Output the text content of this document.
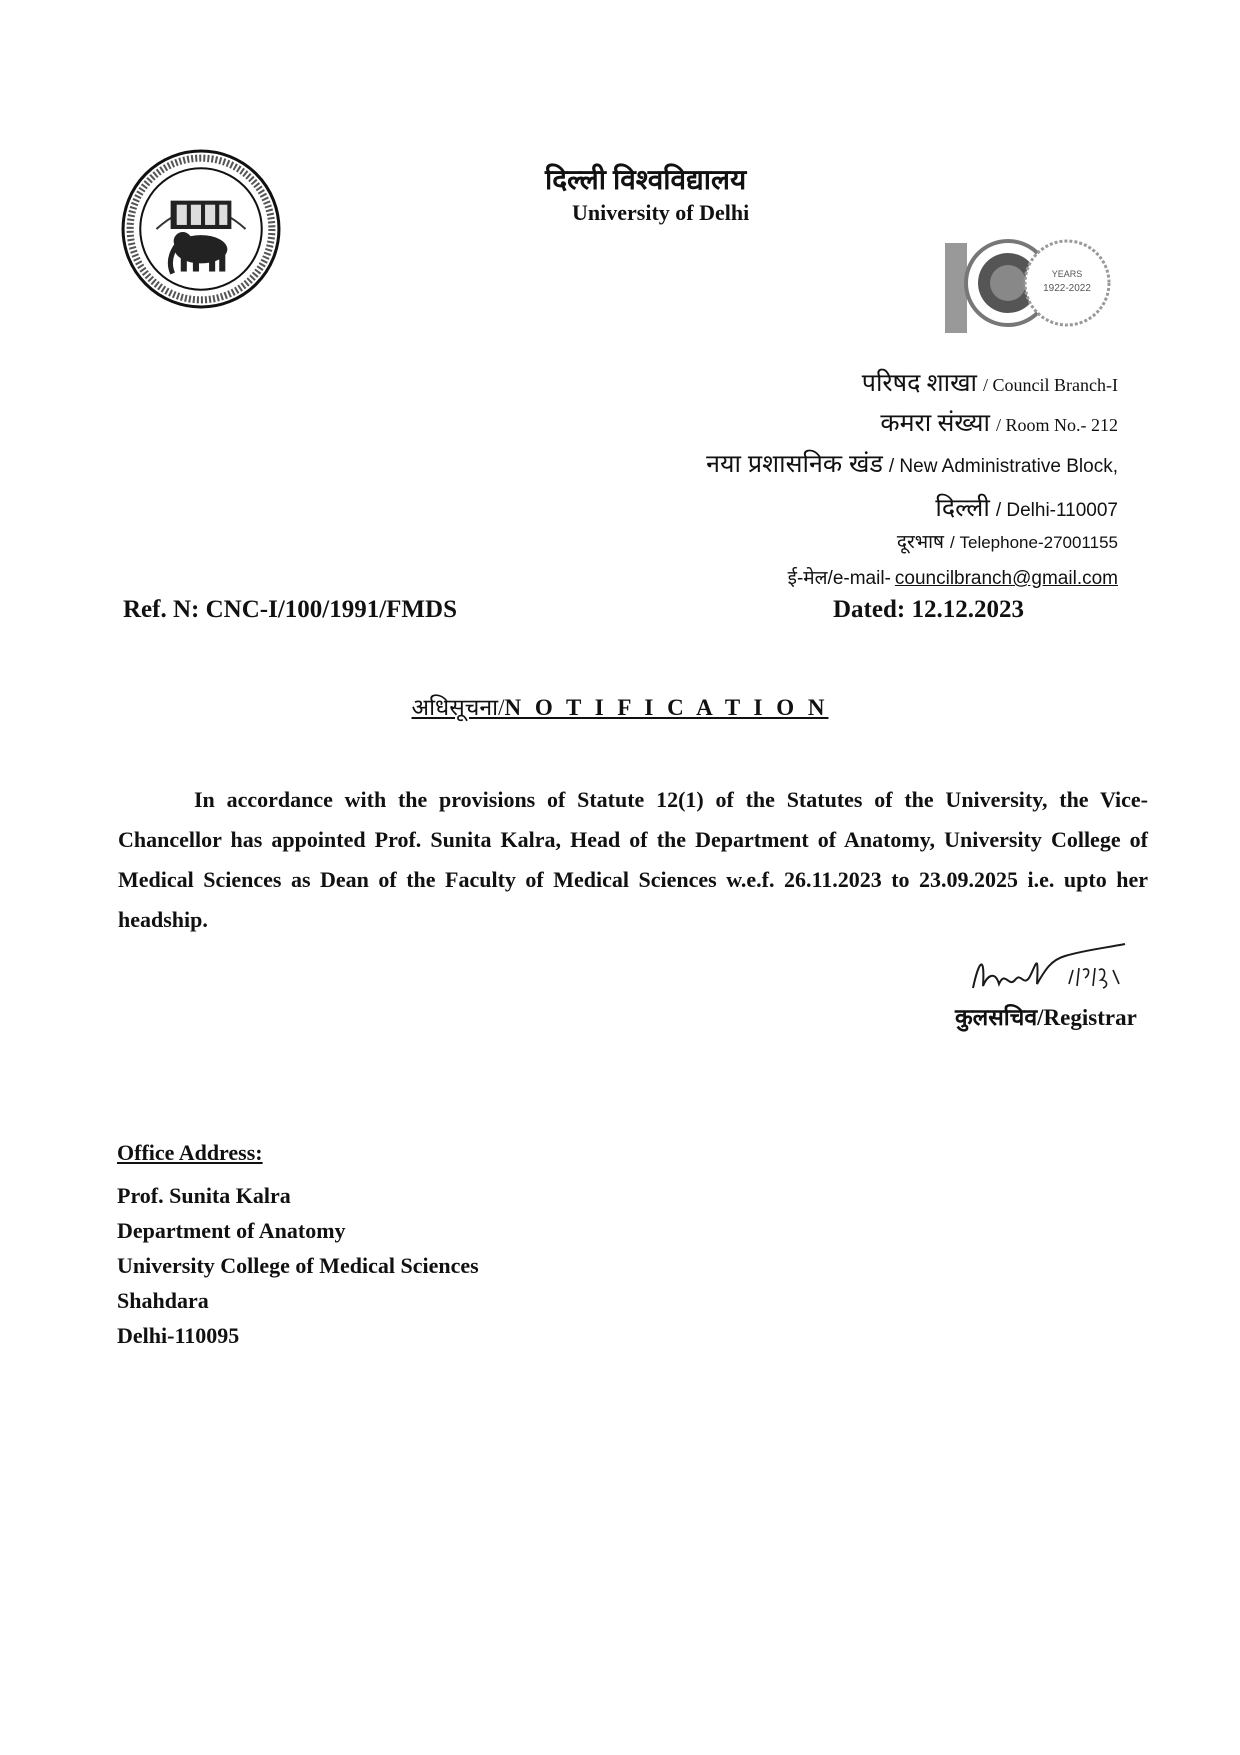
दिल्ली विश्वविद्यालय
University of Delhi
YEARS
1922-2022
परिषद शाखा / Council Branch-I
कमरा संख्या / Room No.- 212
नया प्रशासनिक खंड / New Administrative Block,
दिल्ली / Delhi-110007
दूरभाष / Telephone-27001155
ई-मेल/e-mail- councilbranch@gmail.com
Ref. N: CNC-I/100/1991/FMDS	Dated: 12.12.2023
अधिसूचना/N O T I F I C A T I O N
In accordance with the provisions of Statute 12(1) of the Statutes of the University, the Vice-Chancellor has appointed Prof. Sunita Kalra, Head of the Department of Anatomy, University College of Medical Sciences as Dean of the Faculty of Medical Sciences w.e.f. 26.11.2023 to 23.09.2025 i.e. upto her headship.
कुलसचिव/Registrar
Office Address:
Prof. Sunita Kalra
Department of Anatomy
University College of Medical Sciences
Shahdara
Delhi-110095
